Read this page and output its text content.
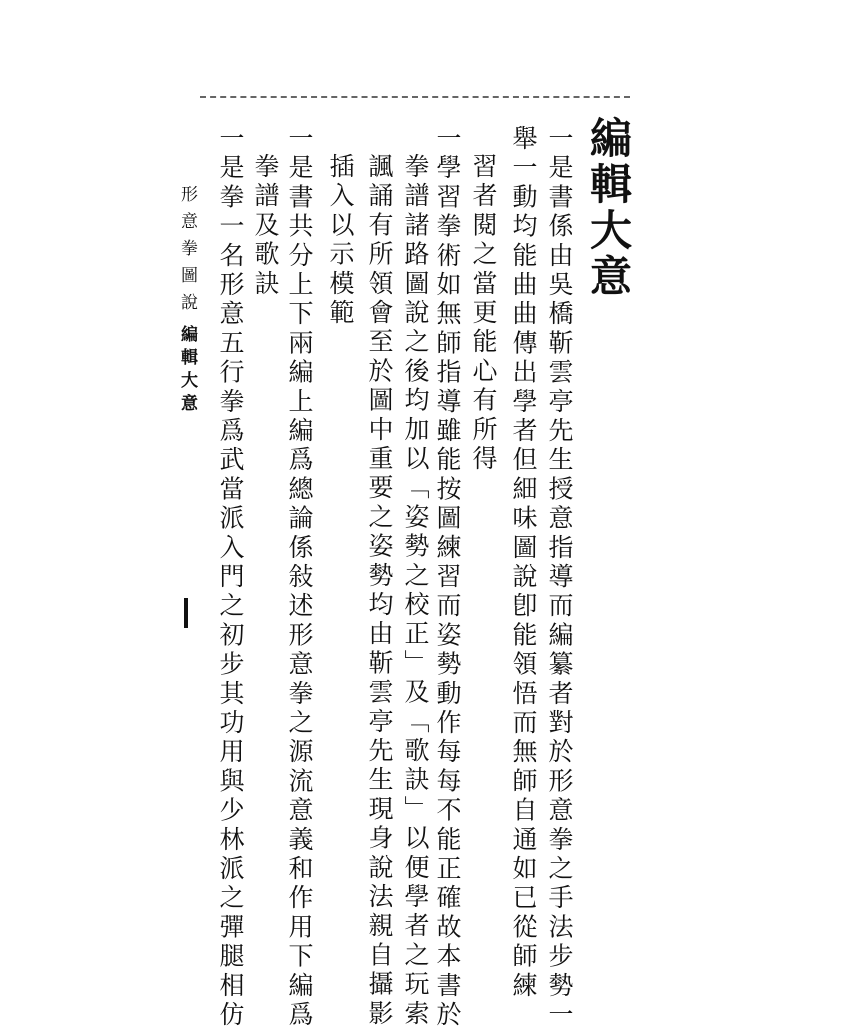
編輯大意
一是書係由吳橋靳雲亭先生授意指導而編纂者對於形意拳之手法步勢一
舉一動均能曲曲傳出學者但細味圖說卽能領悟而無師自通如已從師練
習者閱之當更能心有所得
一學習拳術如無師指導雖能按圖練習而姿勢動作每每不能正確故本書於
拳譜諸路圖說之後均加以「姿勢之校正」及「歌訣」以便學者之玩索
諷誦有所領會至於圖中重要之姿勢均由靳雲亭先生現身說法親自攝影
插入以示模範
一是書共分上下兩編上編爲總論係敍述形意拳之源流意義和作用下編爲
拳譜及歌訣
一是拳一名形意五行拳爲武當派入門之初步其功用與少林派之彈腿相仿
形意拳圖說
編輯大意
